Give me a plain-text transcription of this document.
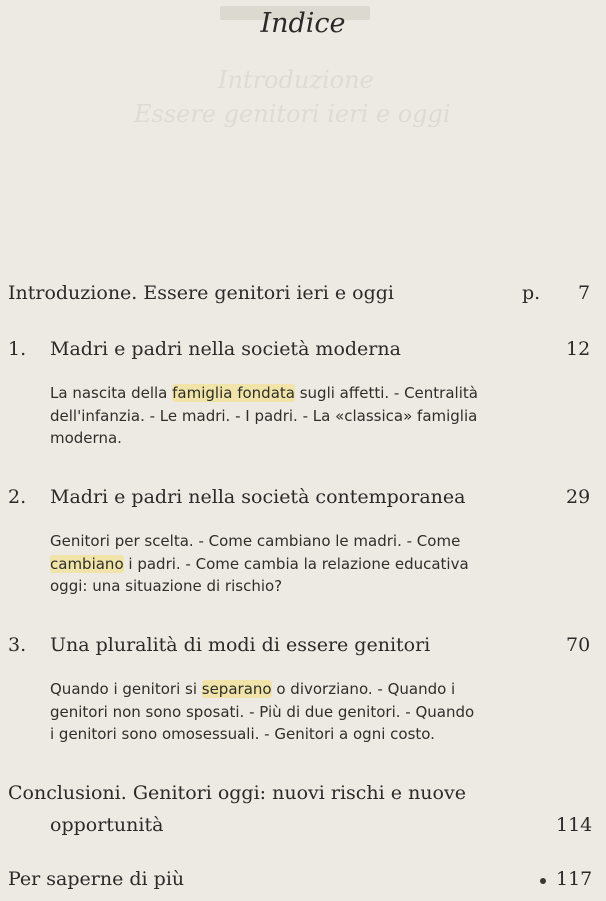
Introduzione
Essere genitori ieri e oggi
Indice
Introduzione. Essere genitori ieri e oggi	p. 7
1. Madri e padri nella società moderna	12
La nascita della famiglia fondata sugli affetti. - Centralità
dell'infanzia. - Le madri. - I padri. - La «classica» famiglia
moderna.
2. Madri e padri nella società contemporanea	29
Genitori per scelta. - Come cambiano le madri. - Come
cambiano i padri. - Come cambia la relazione educativa
oggi: una situazione di rischio?
3. Una pluralità di modi di essere genitori	70
Quando i genitori si separano o divorziano. - Quando i
genitori non sono sposati. - Più di due genitori. - Quando
i genitori sono omosessuali. - Genitori a ogni costo.
Conclusioni. Genitori oggi: nuovi rischi e nuove
opportunità	114
Per saperne di più	117
